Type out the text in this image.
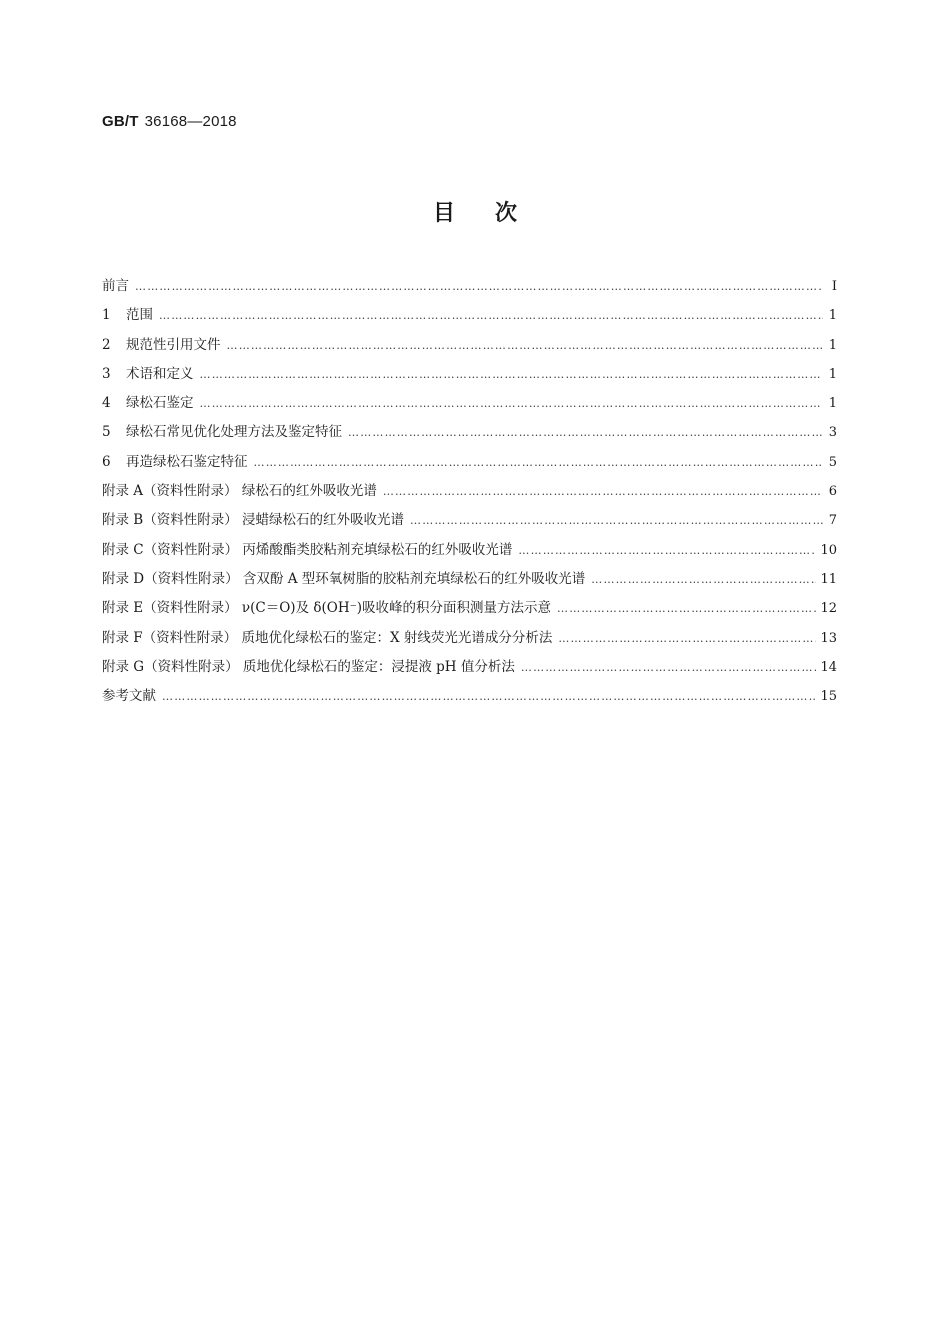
GB/T 36168—2018
目次
前言 ……………………………………………………………………………………………………………………………………………………………………………………………………	Ⅰ
1 范围 ……………………………………………………………………………………………………………………………………………………………………………………………………	1
2 规范性引用文件 ……………………………………………………………………………………………………………………………………………………………………………………………………	1
3 术语和定义 ……………………………………………………………………………………………………………………………………………………………………………………………………	1
4 绿松石鉴定 ……………………………………………………………………………………………………………………………………………………………………………………………………	1
5 绿松石常见优化处理方法及鉴定特征 ……………………………………………………………………………………………………………………………………………………………………………………………………	3
6 再造绿松石鉴定特征 ……………………………………………………………………………………………………………………………………………………………………………………………………	5
附录 A（资料性附录） 绿松石的红外吸收光谱 ……………………………………………………………………………………………………………………………………………………………………………………………………	6
附录 B（资料性附录） 浸蜡绿松石的红外吸收光谱 ……………………………………………………………………………………………………………………………………………………………………………………………………	7
附录 C（资料性附录） 丙烯酸酯类胶粘剂充填绿松石的红外吸收光谱 ……………………………………………………………………………………………………………………………………………………………………………………………………	10
附录 D（资料性附录） 含双酚 A 型环氧树脂的胶粘剂充填绿松石的红外吸收光谱 ……………………………………………………………………………………………………………………………………………………………………………………………………	11
附录 E（资料性附录） ν(C＝O)及 δ(OH⁻)吸收峰的积分面积测量方法示意 ……………………………………………………………………………………………………………………………………………………………………………………………………	12
附录 F（资料性附录） 质地优化绿松石的鉴定：X 射线荧光光谱成分分析法 ……………………………………………………………………………………………………………………………………………………………………………………………………	13
附录 G（资料性附录） 质地优化绿松石的鉴定：浸提液 pH 值分析法 ……………………………………………………………………………………………………………………………………………………………………………………………………	14
参考文献 ……………………………………………………………………………………………………………………………………………………………………………………………………	15
